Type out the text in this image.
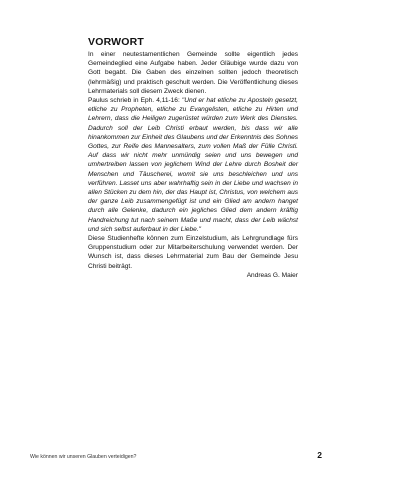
VORWORT

In einer neutestamentlichen Gemeinde sollte eigentlich jedes Gemeindeglied eine Aufgabe haben. Jeder Gläubige wurde dazu von Gott begabt. Die Gaben des einzelnen sollten jedoch theoretisch (lehrmäßig) und praktisch geschult werden. Die Veröffentlichung dieses Lehrmaterials soll diesem Zweck dienen.

Paulus schrieb in Eph. 4,11-16: "Und er hat etliche zu Aposteln gesetzt, etliche zu Propheten, etliche zu Evangelisten, etliche zu Hirten und Lehrern, dass die Heiligen zugerüstet würden zum Werk des Dienstes. Dadurch soll der Leib Christi erbaut werden, bis dass wir alle hinankommen zur Einheit des Glaubens und der Erkenntnis des Sohnes Gottes, zur Reife des Mannesalters, zum vollen Maß der Fülle Christi. Auf dass wir nicht mehr unmündig seien und uns bewegen und umhertreiben lassen von jeglichem Wind der Lehre durch Bosheit der Menschen und Täuscherei, womit sie uns beschleichen und uns verführen. Lasset uns aber wahrhaftig sein in der Liebe und wachsen in allen Stücken zu dem hin, der das Haupt ist, Christus, von welchem aus der ganze Leib zusammengefügt ist und ein Glied am andern hanget durch alle Gelenke, dadurch ein jegliches Glied dem andern kräftig Handreichung tut nach seinem Maße und macht, dass der Leib wächst und sich selbst auferbaut in der Liebe."

Diese Studienhefte können zum Einzelstudium, als Lehrgrundlage fürs Gruppenstudium oder zur Mitarbeiterschulung verwendet werden. Der Wunsch ist, dass dieses Lehrmaterial zum Bau der Gemeinde Jesu Christi beiträgt.

Andreas G. Maier
Wie können wir unseren Glauben verteidigen?	2
